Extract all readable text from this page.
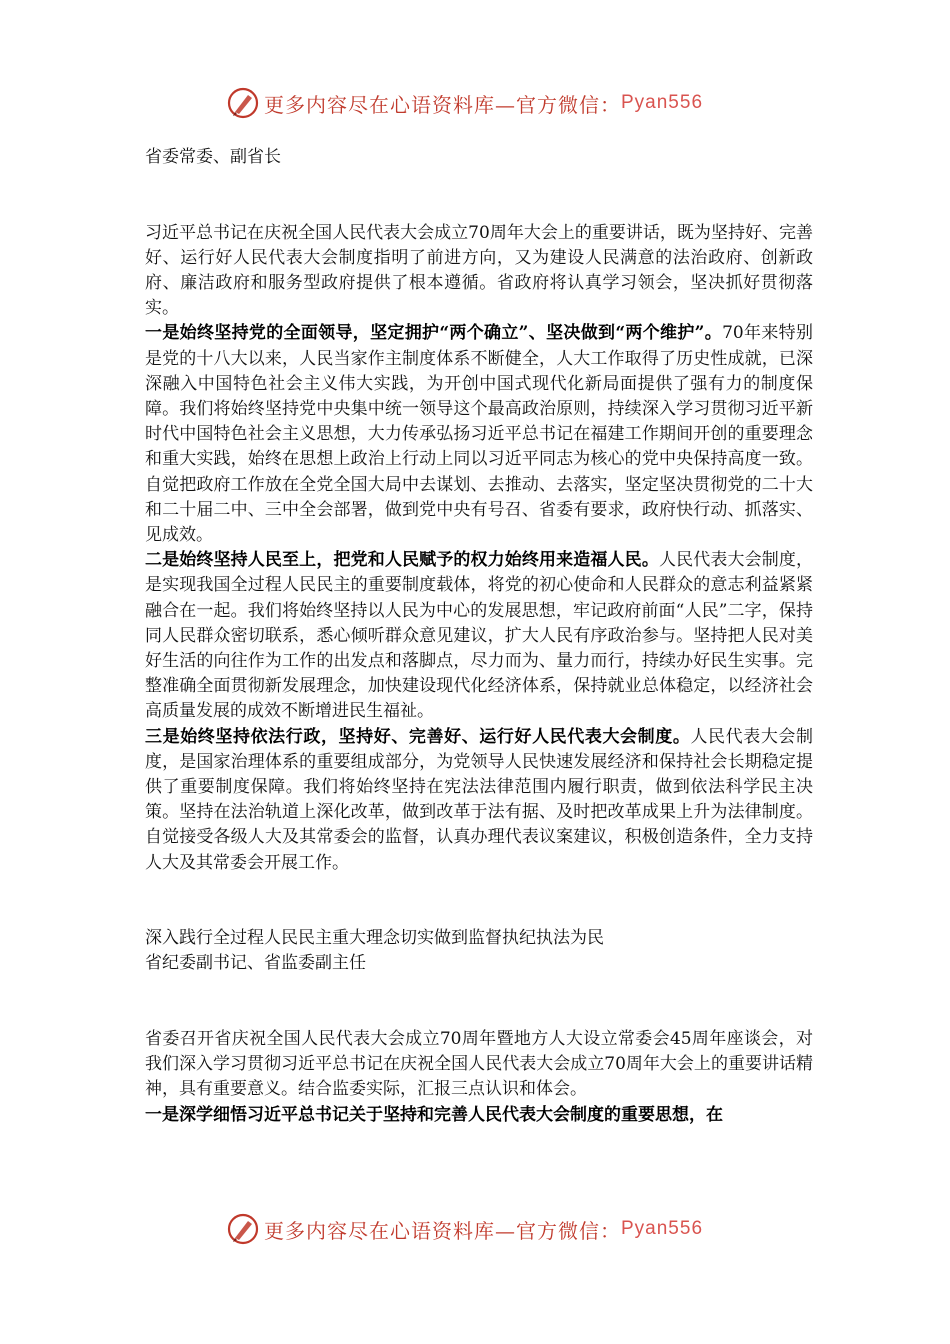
更多内容尽在心语资料库—官方微信： Pyan556

省委常委、副省长

习近平总书记在庆祝全国人民代表大会成立70周年大会上的重要讲话，既为坚持好、完善好、运行好人民代表大会制度指明了前进方向，又为建设人民满意的法治政府、创新政府、廉洁政府和服务型政府提供了根本遵循。省政府将认真学习领会，坚决抓好贯彻落实。

一是始终坚持党的全面领导，坚定拥护“两个确立”、坚决做到“两个维护”。70年来特别是党的十八大以来，人民当家作主制度体系不断健全，人大工作取得了历史性成就，已深深融入中国特色社会主义伟大实践，为开创中国式现代化新局面提供了强有力的制度保障。我们将始终坚持党中央集中统一领导这个最高政治原则，持续深入学习贯彻习近平新时代中国特色社会主义思想，大力传承弘扬习近平总书记在福建工作期间开创的重要理念和重大实践，始终在思想上政治上行动上同以习近平同志为核心的党中央保持高度一致。自觉把政府工作放在全党全国大局中去谋划、去推动、去落实，坚定坚决贯彻党的二十大和二十届二中、三中全会部署，做到党中央有号召、省委有要求，政府快行动、抓落实、见成效。

二是始终坚持人民至上，把党和人民赋予的权力始终用来造福人民。人民代表大会制度，是实现我国全过程人民民主的重要制度载体，将党的初心使命和人民群众的意志利益紧紧融合在一起。我们将始终坚持以人民为中心的发展思想，牢记政府前面“人民”二字，保持同人民群众密切联系，悉心倾听群众意见建议，扩大人民有序政治参与。坚持把人民对美好生活的向往作为工作的出发点和落脚点，尽力而为、量力而行，持续办好民生实事。完整准确全面贯彻新发展理念，加快建设现代化经济体系，保持就业总体稳定，以经济社会高质量发展的成效不断增进民生福祉。

三是始终坚持依法行政，坚持好、完善好、运行好人民代表大会制度。人民代表大会制度，是国家治理体系的重要组成部分，为党领导人民快速发展经济和保持社会长期稳定提供了重要制度保障。我们将始终坚持在宪法法律范围内履行职责，做到依法科学民主决策。坚持在法治轨道上深化改革，做到改革于法有据、及时把改革成果上升为法律制度。自觉接受各级人大及其常委会的监督，认真办理代表议案建议，积极创造条件，全力支持人大及其常委会开展工作。

深入践行全过程人民民主重大理念切实做到监督执纪执法为民

省纪委副书记、省监委副主任

省委召开省庆祝全国人民代表大会成立70周年暨地方人大设立常委会45周年座谈会，对我们深入学习贯彻习近平总书记在庆祝全国人民代表大会成立70周年大会上的重要讲话精神，具有重要意义。结合监委实际，汇报三点认识和体会。

一是深学细悟习近平总书记关于坚持和完善人民代表大会制度的重要思想，在

更多内容尽在心语资料库—官方微信： Pyan556
